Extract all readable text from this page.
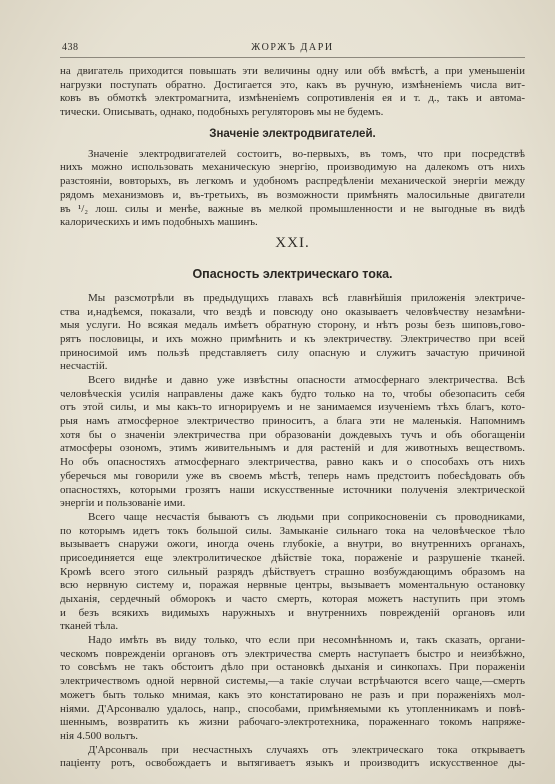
438	ЖОРЖЪ ДАРИ
на двигатель приходится повышать эти величины одну или обѣ вмѣстѣ, а при уменьшеніи
нагрузки поступать обратно. Достигается это, какъ въ ручную, измѣненіемъ числа вит-
ковъ въ обмоткѣ электромагнита, измѣненіемъ сопротивленія ея и т. д., такъ и автома-
тически. Описывать, однако, подобныхъ регуляторовъ мы не будемъ.
Значеніе электродвигателей.
Значеніе электродвигателей состоитъ, во-первыхъ, въ томъ, что при посредствѣ
нихъ можно использовать механическую энергію, производимую на далекомъ отъ нихъ
разстояніи, вовторыхъ, въ легкомъ и удобномъ распредѣленіи механической энергіи между
рядомъ механизмовъ и, въ-третьихъ, въ возможности примѣнять малосильные двигатели
въ ¹/₂ лош. силы и менѣе, важные въ мелкой промышленности и не выгодные въ видѣ
калорическихъ и имъ подобныхъ машинъ.
XXI.
Опасность электрическаго тока.
Мы разсмотрѣли въ предыдущихъ главахъ всѣ главнѣйшія приложенія электриче-
ства и,надѣемся, показали, что вездѣ и повсюду оно оказываетъ человѣчеству незамѣни-
мыя услуги. Но всякая медаль имѣетъ обратную сторону, и нѣтъ розы безъ шиповъ,гово-
рятъ пословицы, и ихъ можно примѣнить и къ электричеству. Электричество при всей
приносимой имъ пользѣ представляетъ силу опасную и служитъ зачастую причиной
несчастій.
Всего виднѣе и давно уже извѣстны опасности атмосфернаго электричества. Всѣ
человѣческія усилія направлены даже какъ будто только на то, чтобы обезопасить себя
отъ этой силы, и мы какъ-то игнорируемъ и не занимаемся изученіемъ тѣхъ благъ, кото-
рыя намъ атмосферное электричество приноситъ, а блага эти не маленькія. Напомнимъ
хотя бы о значеніи электричества при образованіи дождевыхъ тучъ и объ обогащеніи
атмосферы озономъ, этимъ живительнымъ и для растеній и для животныхъ веществомъ.
Но объ опасностяхъ атмосфернаго электричества, равно какъ и о способахъ отъ нихъ
уберечься мы говорили уже въ своемъ мѣстѣ, теперь намъ предстоитъ побесѣдовать объ
опасностяхъ, которыми грозятъ наши искусственные источники полученія электрической
энергіи и пользованіе ими.
Всего чаще несчастія бываютъ съ людьми при соприкосновеніи съ проводниками,
по которымъ идетъ токъ большой силы. Замыканіе сильнаго тока на человѣческое тѣло
вызываетъ снаружи ожоги, иногда очень глубокіе, а внутри, во внутреннихъ органахъ,
присоединяется еще электролитическое дѣйствіе тока, пораженіе и разрушеніе тканей.
Кромѣ всего этого сильный разрядъ дѣйствуетъ страшно возбуждающимъ образомъ на
всю нервную систему и, поражая нервные центры, вызываетъ моментальную остановку
дыханія, сердечный обморокъ и часто смерть, которая можетъ наступить при этомъ
и безъ всякихъ видимыхъ наружныхъ и внутреннихъ поврежденій органовъ или
тканей тѣла.
Надо имѣть въ виду только, что если при несомнѣнномъ и, такъ сказать, органи-
ческомъ поврежденіи органовъ отъ электричества смерть наступаетъ быстро и неизбѣжно,
то совсѣмъ не такъ обстоитъ дѣло при остановкѣ дыханія и синкопахъ. При пораженіи
электричествомъ одной нервной системы,—а такіе случаи встрѣчаются всего чаще,—смерть
можетъ быть только мнимая, какъ это констатировано не разъ и при пораженіяхъ мол-
ніями. Д'Арсонвалю удалось, напр., способами, примѣняемыми къ утопленникамъ и повѣ-
шеннымъ, возвратить къ жизни рабочаго-электротехника, пораженнаго токомъ напряже-
нія 4.500 вольтъ.
Д'Арсонваль при несчастныхъ случаяхъ отъ электрическаго тока открываетъ
паціенту ротъ, освобождаетъ и вытягиваетъ языкъ и производитъ искусственное ды-
